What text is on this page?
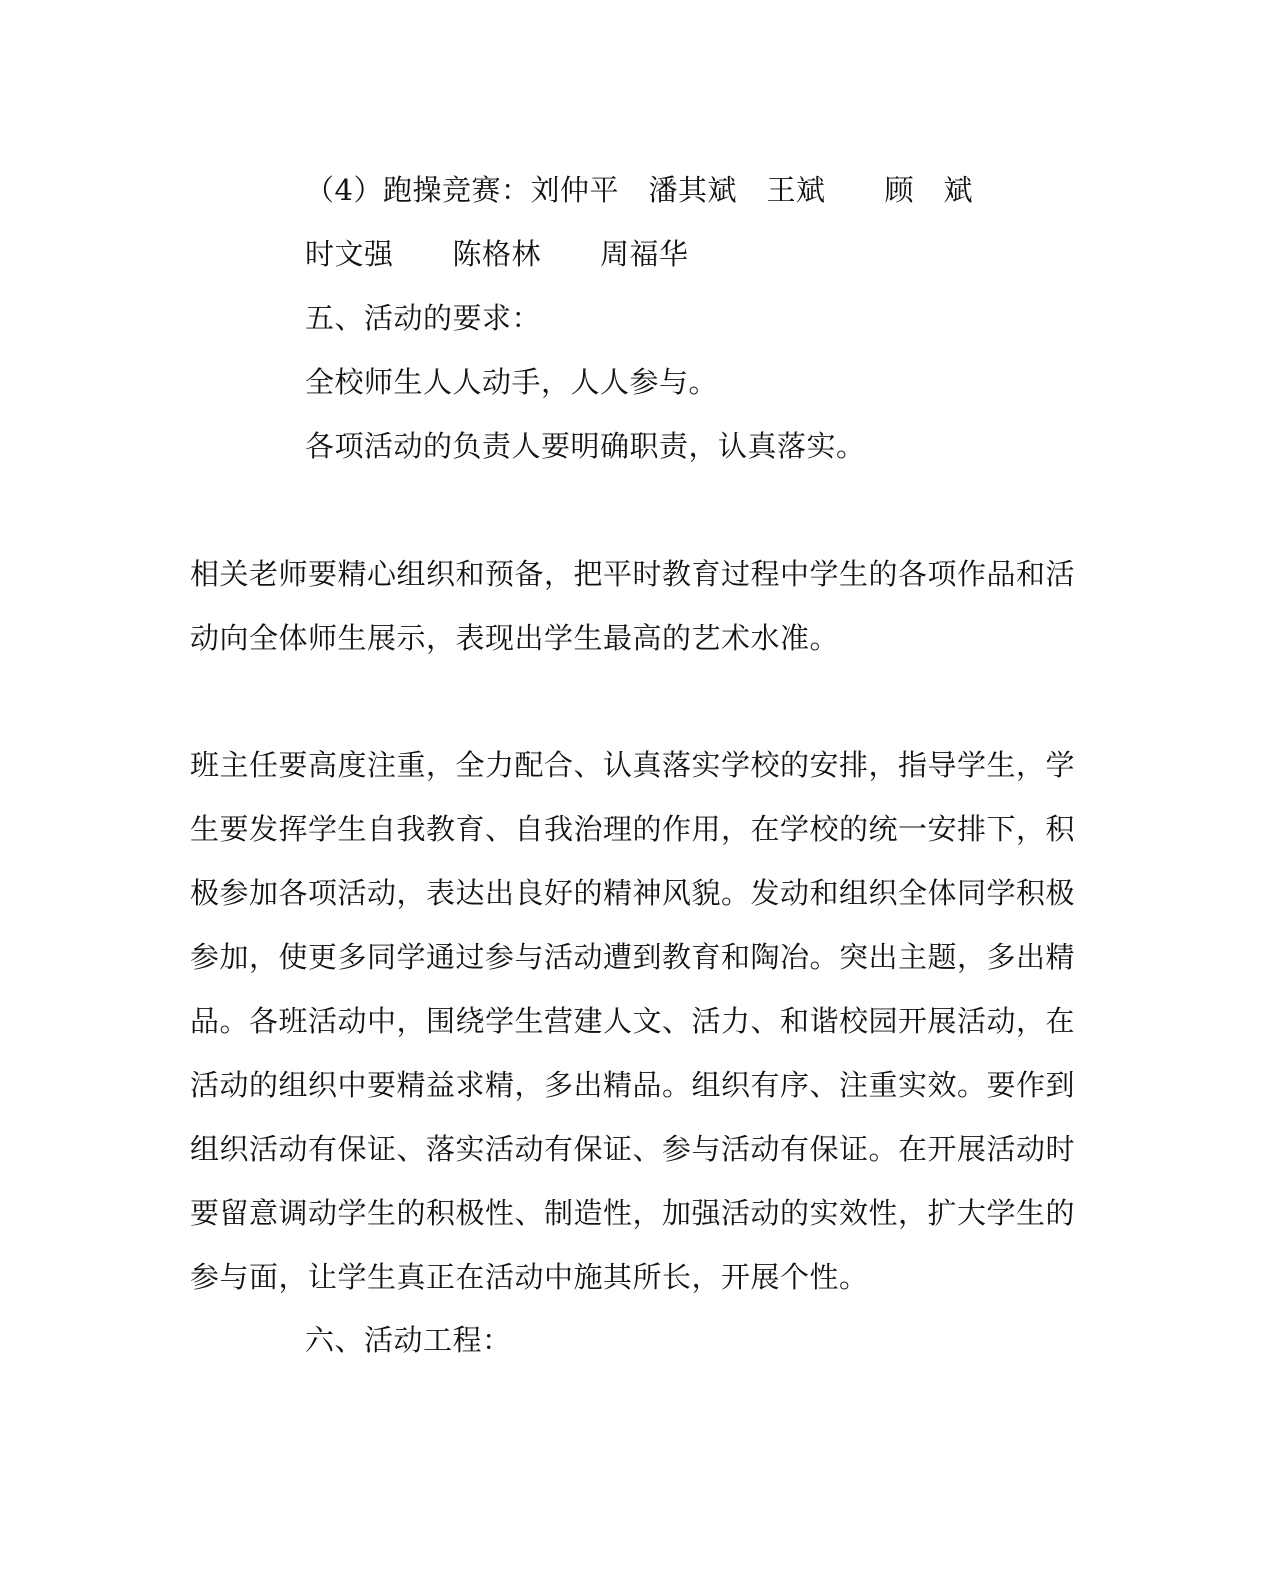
（4）跑操竞赛：刘仲平　潘其斌　王斌　　顾　斌
时文强　　陈格林　　周福华
五、活动的要求：
全校师生人人动手，人人参与。
各项活动的负责人要明确职责，认真落实。
相关老师要精心组织和预备，把平时教育过程中学生的各项作品和活
动向全体师生展示，表现出学生最高的艺术水准。
班主任要高度注重，全力配合、认真落实学校的安排，指导学生，学
生要发挥学生自我教育、自我治理的作用，在学校的统一安排下，积
极参加各项活动，表达出良好的精神风貌。发动和组织全体同学积极
参加，使更多同学通过参与活动遭到教育和陶冶。突出主题，多出精
品。各班活动中，围绕学生营建人文、活力、和谐校园开展活动，在
活动的组织中要精益求精，多出精品。组织有序、注重实效。要作到
组织活动有保证、落实活动有保证、参与活动有保证。在开展活动时
要留意调动学生的积极性、制造性，加强活动的实效性，扩大学生的
参与面，让学生真正在活动中施其所长，开展个性。
六、活动工程：
